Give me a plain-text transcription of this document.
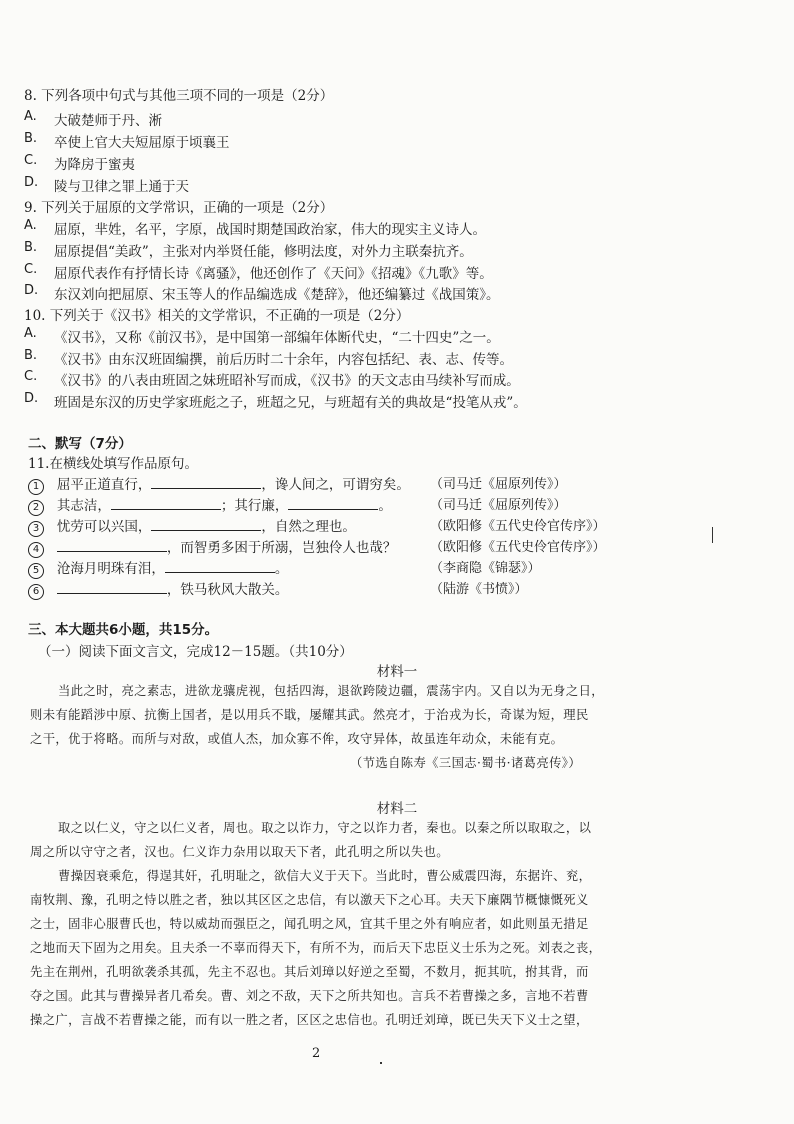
8. 下列各项中句式与其他三项不同的一项是（2分）
A. 大破楚师于丹、淅
B. 卒使上官大夫短屈原于顷襄王
C. 为降房于蜜夷
D. 陵与卫律之罪上通于天
9. 下列关于屈原的文学常识，正确的一项是（2分）
A. 屈原，芈姓，名平，字原，战国时期楚国政治家，伟大的现实主义诗人。
B. 屈原提倡“美政”，主张对内举贤任能，修明法度，对外力主联秦抗齐。
C. 屈原代表作有抒情长诗《离骚》，他还创作了《天问》《招魂》《九歌》等。
D. 东汉刘向把屈原、宋玉等人的作品编选成《楚辞》，他还编纂过《战国策》。
10. 下列关于《汉书》相关的文学常识，不正确的一项是（2分）
A. 《汉书》，又称《前汉书》，是中国第一部编年体断代史，“二十四史”之一。
B. 《汉书》由东汉班固编撰，前后历时二十余年，内容包括纪、表、志、传等。
C. 《汉书》的八表由班固之妹班昭补写而成，《汉书》的天文志由马续补写而成。
D. 班固是东汉的历史学家班彪之子，班超之兄，与班超有关的典故是“投笔从戎”。
二、默写（7分）
11.在横线处填写作品原句。
1 屈平正道直行，	，谗人间之，可谓穷矣。 （司马迁《屈原列传》）
2 其志洁，	；其行廉，	。	（司马迁《屈原列传》）
3 忧劳可以兴国，	，自然之理也。	（欧阳修《五代史伶官传序》）
4	，而智勇多困于所溺，岂独伶人也哉？	（欧阳修《五代史伶官传序》）
5 沧海月明珠有泪，	。	（李商隐《锦瑟》）
6	，铁马秋风大散关。	（陆游《书愤》）
三、本大题共6小题，共15分。
（一）阅读下面文言文，完成12－15题。（共10分）
材料一
当此之时，亮之素志，进欲龙骧虎视，包括四海，退欲跨陵边疆，震荡宇内。又自以为无身之日，
则未有能蹈涉中原、抗衡上国者，是以用兵不戢，屡耀其武。然亮才，于治戎为长，奇谋为短，理民
之干，优于将略。而所与对敌，或值人杰，加众寡不侔，攻守异体，故虽连年动众，未能有克。
（节选自陈寿《三国志·蜀书·诸葛亮传》）
材料二
取之以仁义，守之以仁义者，周也。取之以诈力，守之以诈力者，秦也。以秦之所以取取之，以
周之所以守守之者，汉也。仁义诈力杂用以取天下者，此孔明之所以失也。
曹操因衰乘危，得逞其奸，孔明耻之，欲信大义于天下。当此时，曹公威震四海，东据许、兖，
南牧荆、豫，孔明之恃以胜之者，独以其区区之忠信，有以激天下之心耳。夫天下廉隅节概慷慨死义
之士，固非心服曹氏也，特以威劫而强臣之，闻孔明之风，宜其千里之外有响应者，如此则虽无措足
之地而天下固为之用矣。且夫杀一不辜而得天下，有所不为，而后天下忠臣义士乐为之死。刘表之丧，
先主在荆州，孔明欲袭杀其孤，先主不忍也。其后刘璋以好逆之至蜀，不数月，扼其吭，拊其背，而
夺之国。此其与曹操异者几希矣。曹、刘之不敌，天下之所共知也。言兵不若曹操之多，言地不若曹
操之广，言战不若曹操之能，而有以一胜之者，区区之忠信也。孔明迁刘璋，既已失天下义士之望，
2
